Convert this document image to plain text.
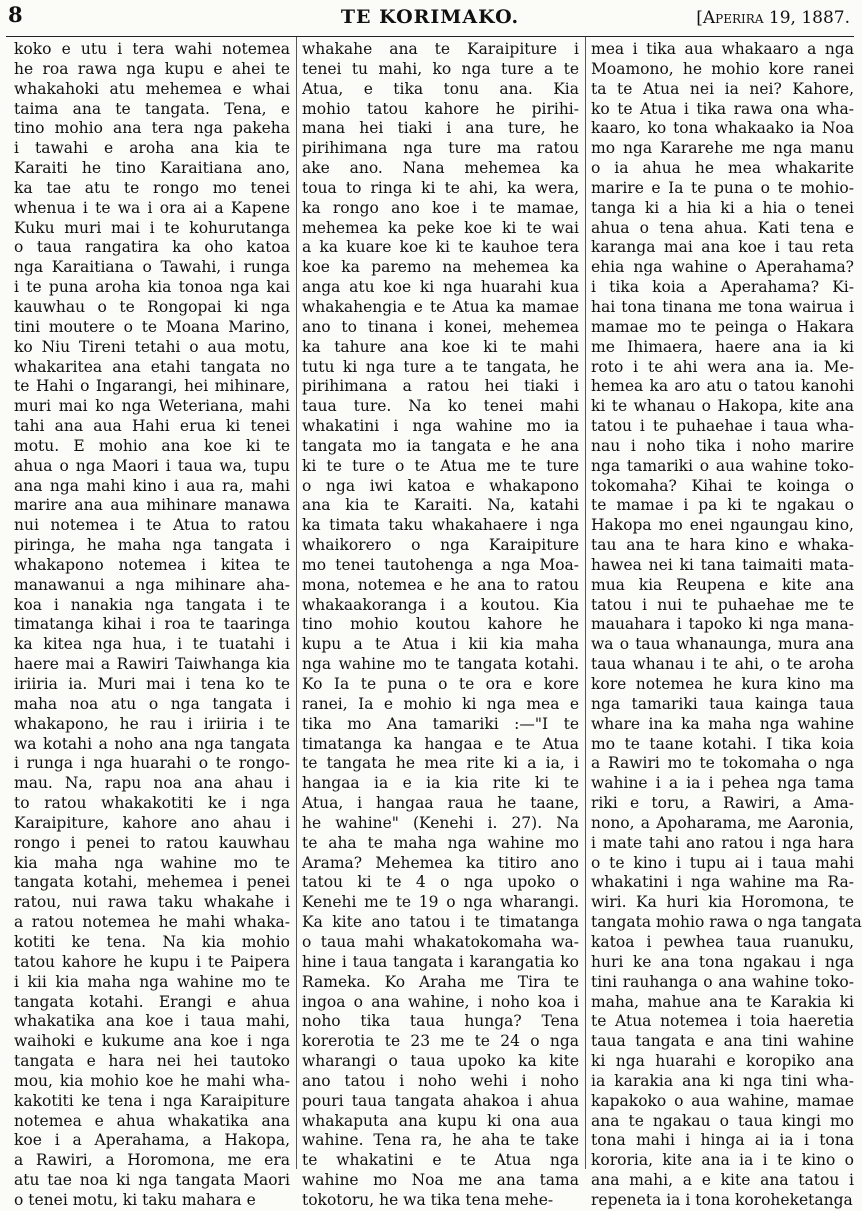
8	TE KORIMAKO.	[Aperira 19, 1887.

koko e utu i tera wahi notemea

he roa rawa nga kupu e ahei te

whakahoki atu mehemea e whai

taima ana te tangata. Tena, e

tino mohio ana tera nga pakeha

i tawahi e aroha ana kia te

Karaiti he tino Karaitiana ano,

ka tae atu te rongo mo tenei

whenua i te wa i ora ai a Kapene

Kuku muri mai i te kohurutanga

o taua rangatira ka oho katoa

nga Karaitiana o Tawahi, i runga

i te puna aroha kia tonoa nga kai

kauwhau o te Rongopai ki nga

tini moutere o te Moana Marino,

ko Niu Tireni tetahi o aua motu,

whakaritea ana etahi tangata no

te Hahi o Ingarangi, hei mihinare,

muri mai ko nga Weteriana, mahi

tahi ana aua Hahi erua ki tenei

motu. E mohio ana koe ki te

ahua o nga Maori i taua wa, tupu

ana nga mahi kino i aua ra, mahi

marire ana aua mihinare manawa

nui notemea i te Atua to ratou

piringa, he maha nga tangata i

whakapono notemea i kitea te

manawanui a nga mihinare aha-

koa i nanakia nga tangata i te

timatanga kihai i roa te taaringa

ka kitea nga hua, i te tuatahi i

haere mai a Rawiri Taiwhanga kia

iriiria ia. Muri mai i tena ko te

maha noa atu o nga tangata i

whakapono, he rau i iriiria i te

wa kotahi a noho ana nga tangata

i runga i nga huarahi o te rongo-

mau. Na, rapu noa ana ahau i

to ratou whakakotiti ke i nga

Karaipiture, kahore ano ahau i

rongo i penei to ratou kauwhau

kia maha nga wahine mo te

tangata kotahi, mehemea i penei

ratou, nui rawa taku whakahe i

a ratou notemea he mahi whaka-

kotiti ke tena. Na kia mohio

tatou kahore he kupu i te Paipera

i kii kia maha nga wahine mo te

tangata kotahi. Erangi e ahua

whakatika ana koe i taua mahi,

waihoki e kukume ana koe i nga

tangata e hara nei hei tautoko

mou, kia mohio koe he mahi wha-

kakotiti ke tena i nga Karaipiture

notemea e ahua whakatika ana

koe i a Aperahama, a Hakopa,

a Rawiri, a Horomona, me era

atu tae noa ki nga tangata Maori

o tenei motu, ki taku mahara e

whakahe ana te Karaipiture i

tenei tu mahi, ko nga ture a te

Atua, e tika tonu ana. Kia

mohio tatou kahore he pirihi-

mana hei tiaki i ana ture, he

pirihimana nga ture ma ratou

ake ano. Nana mehemea ka

toua to ringa ki te ahi, ka wera,

ka rongo ano koe i te mamae,

mehemea ka peke koe ki te wai

a ka kuare koe ki te kauhoe tera

koe ka paremo na mehemea ka

anga atu koe ki nga huarahi kua

whakahengia e te Atua ka mamae

ano to tinana i konei, mehemea

ka tahure ana koe ki te mahi

tutu ki nga ture a te tangata, he

pirihimana a ratou hei tiaki i

taua ture. Na ko tenei mahi

whakatini i nga wahine mo ia

tangata mo ia tangata e he ana

ki te ture o te Atua me te ture

o nga iwi katoa e whakapono

ana kia te Karaiti. Na, katahi

ka timata taku whakahaere i nga

whaikorero o nga Karaipiture

mo tenei tautohenga a nga Moa-

mona, notemea e he ana to ratou

whakaakoranga i a koutou. Kia

tino mohio koutou kahore he

kupu a te Atua i kii kia maha

nga wahine mo te tangata kotahi.

Ko Ia te puna o te ora e kore

ranei, Ia e mohio ki nga mea e

tika mo Ana tamariki :—"I te

timatanga ka hangaa e te Atua

te tangata he mea rite ki a ia, i

hangaa ia e ia kia rite ki te

Atua, i hangaa raua he taane,

he wahine" (Kenehi i. 27). Na

te aha te maha nga wahine mo

Arama? Mehemea ka titiro ano

tatou ki te 4 o nga upoko o

Kenehi me te 19 o nga wharangi.

Ka kite ano tatou i te timatanga

o taua mahi whakatokomaha wa-

hine i taua tangata i karangatia ko

Rameka. Ko Araha me Tira te

ingoa o ana wahine, i noho koa i

noho tika taua hunga? Tena

korerotia te 23 me te 24 o nga

wharangi o taua upoko ka kite

ano tatou i noho wehi i noho

pouri taua tangata ahakoa i ahua

whakaputa ana kupu ki ona aua

wahine. Tena ra, he aha te take

te whakatini e te Atua nga

wahine mo Noa me ana tama

tokotoru, he wa tika tena mehe-

mea i tika aua whakaaro a nga

Moamono, he mohio kore ranei

ta te Atua nei ia nei? Kahore,

ko te Atua i tika rawa ona wha-

kaaro, ko tona whakaako ia Noa

mo nga Kararehe me nga manu

o ia ahua he mea whakarite

marire e Ia te puna o te mohio-

tanga ki a hia ki a hia o tenei

ahua o tena ahua. Kati tena e

karanga mai ana koe i tau reta

ehia nga wahine o Aperahama?

i tika koia a Aperahama? Ki-

hai tona tinana me tona wairua i

mamae mo te peinga o Hakara

me Ihimaera, haere ana ia ki

roto i te ahi wera ana ia. Me-

hemea ka aro atu o tatou kanohi

ki te whanau o Hakopa, kite ana

tatou i te puhaehae i taua wha-

nau i noho tika i noho marire

nga tamariki o aua wahine toko-

tokomaha? Kihai te koinga o

te mamae i pa ki te ngakau o

Hakopa mo enei ngaungau kino,

tau ana te hara kino e whaka-

hawea nei ki tana taimaiti mata-

mua kia Reupena e kite ana

tatou i nui te puhaehae me te

mauahara i tapoko ki nga mana-

wa o taua whanaunga, mura ana

taua whanau i te ahi, o te aroha

kore notemea he kura kino ma

nga tamariki taua kainga taua

whare ina ka maha nga wahine

mo te taane kotahi. I tika koia

a Rawiri mo te tokomaha o nga

wahine i a ia i pehea nga tama

riki e toru, a Rawiri, a Ama-

nono, a Apoharama, me Aaronia,

i mate tahi ano ratou i nga hara

o te kino i tupu ai i taua mahi

whakatini i nga wahine ma Ra-

wiri. Ka huri kia Horomona, te

tangata mohio rawa o nga tangata

katoa i pewhea taua ruanuku,

huri ke ana tona ngakau i nga

tini rauhanga o ana wahine toko-

maha, mahue ana te Karakia ki

te Atua notemea i toia haeretia

taua tangata e ana tini wahine

ki nga huarahi e koropiko ana

ia karakia ana ki nga tini wha-

kapakoko o aua wahine, mamae

ana te ngakau o taua kingi mo

tona mahi i hinga ai ia i tona

kororia, kite ana ia i te kino o

ana mahi, a e kite ana tatou i

repeneta ia i tona koroheketanga
